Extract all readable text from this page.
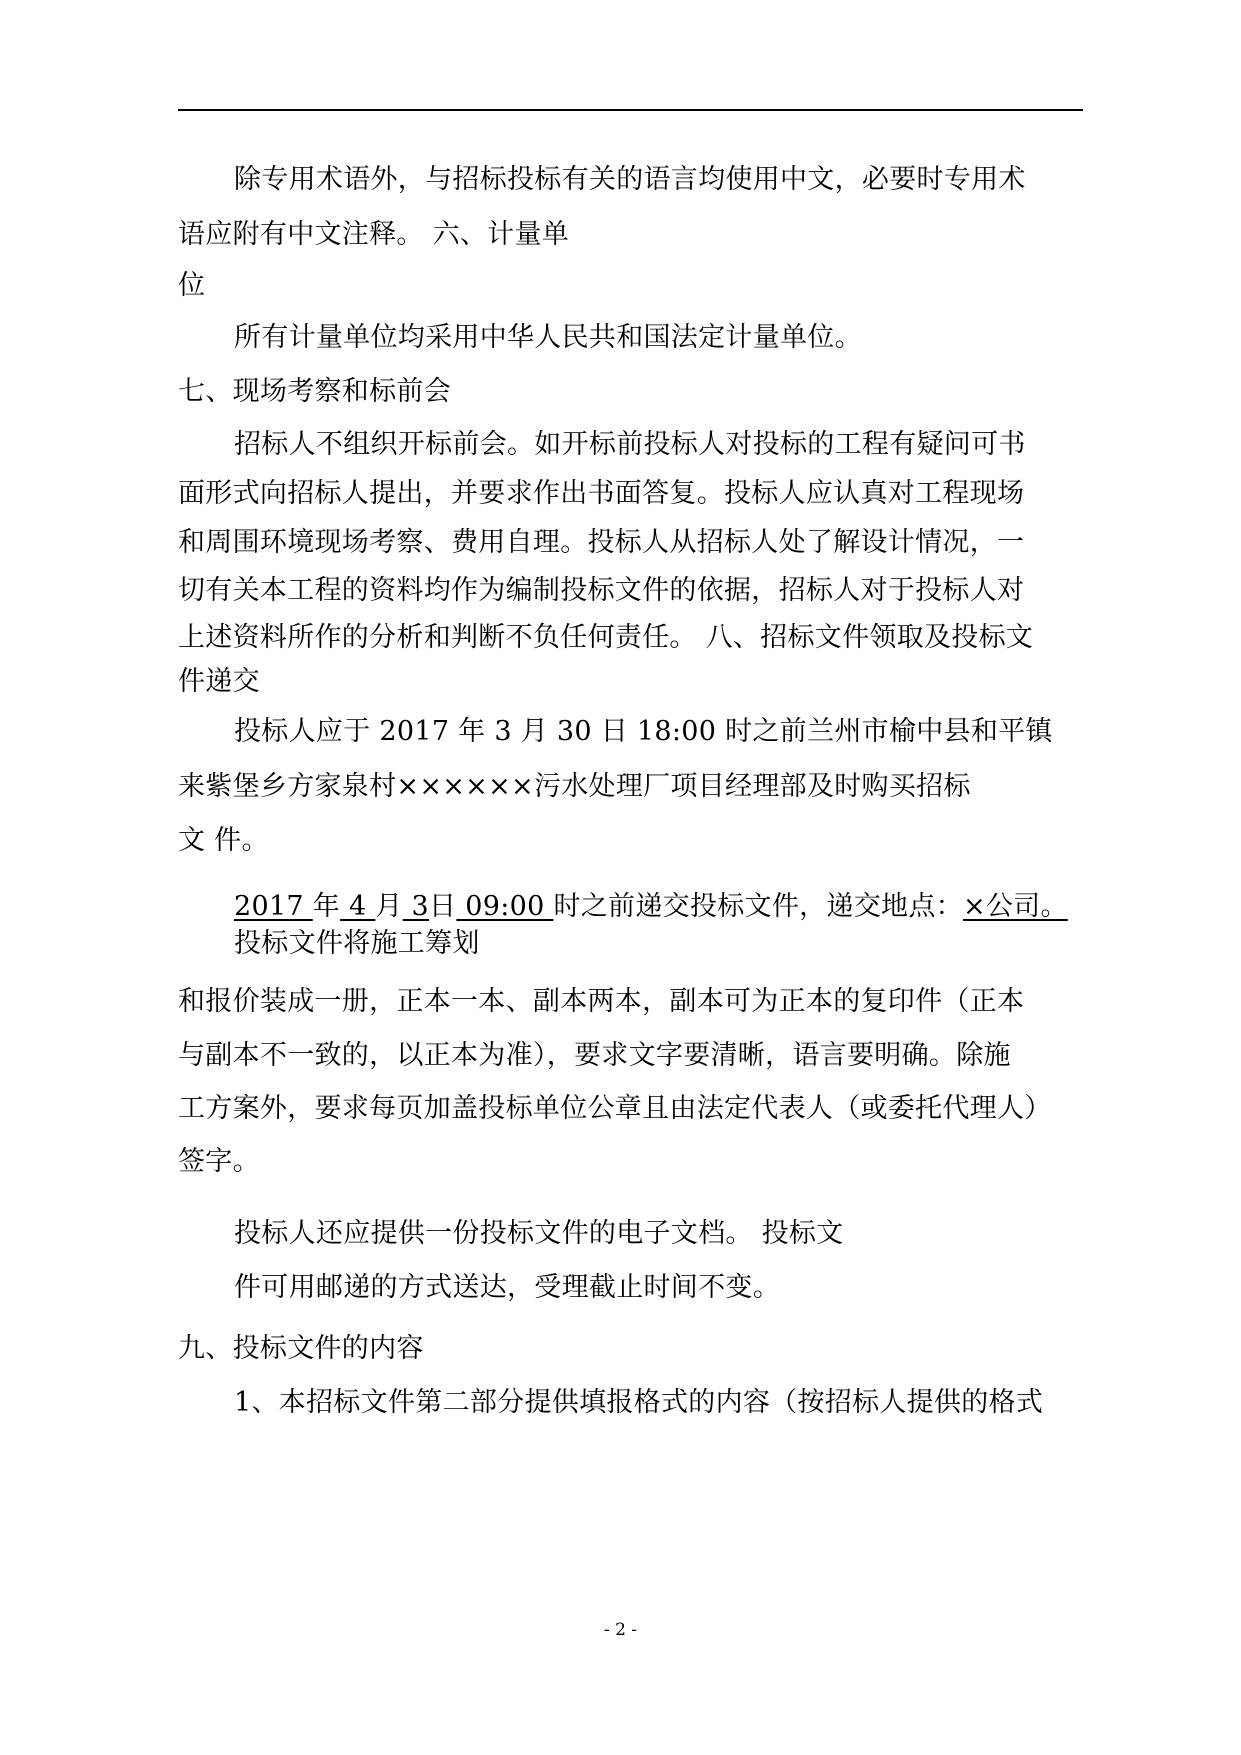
除专用术语外，与招标投标有关的语言均使用中文，必要时专用术
语应附有中文注释。 六、计量单
位
所有计量单位均采用中华人民共和国法定计量单位。
七、现场考察和标前会
招标人不组织开标前会。如开标前投标人对投标的工程有疑问可书
面形式向招标人提出，并要求作出书面答复。投标人应认真对工程现场
和周围环境现场考察、费用自理。投标人从招标人处了解设计情况，一
切有关本工程的资料均作为编制投标文件的依据，招标人对于投标人对
上述资料所作的分析和判断不负任何责任。 八、招标文件领取及投标文
件递交
投标人应于 2017 年 3 月 30 日 18:00 时之前兰州市榆中县和平镇
来紫堡乡方家泉村××××××污水处理厂项目经理部及时购买招标
文 件。
2017 年 4 月 3日 09:00 时之前递交投标文件，递交地点：×公司。
投标文件将施工筹划
和报价装成一册，正本一本、副本两本，副本可为正本的复印件（正本
与副本不一致的，以正本为准），要求文字要清晰，语言要明确。除施
工方案外，要求每页加盖投标单位公章且由法定代表人（或委托代理人）
签字。
投标人还应提供一份投标文件的电子文档。 投标文
件可用邮递的方式送达，受理截止时间不变。
九、投标文件的内容
1、本招标文件第二部分提供填报格式的内容（按招标人提供的格式
- 2 -
